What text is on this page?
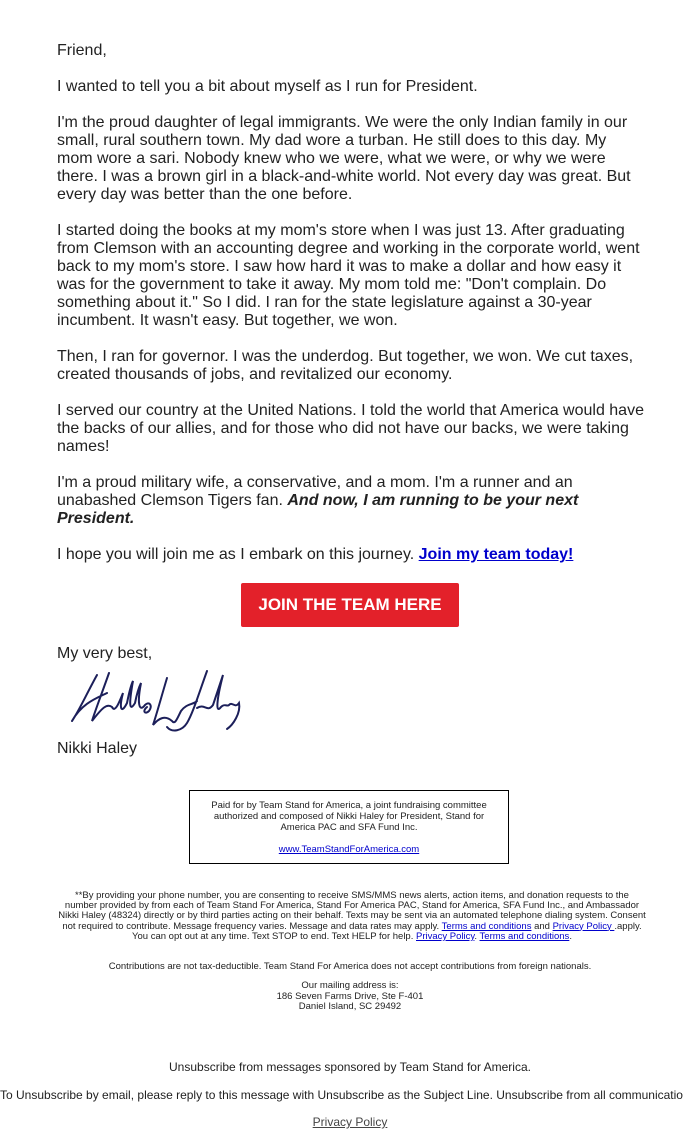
Friend,

I wanted to tell you a bit about myself as I run for President.

I'm the proud daughter of legal immigrants. We were the only Indian family in our small, rural southern town. My dad wore a turban. He still does to this day. My mom wore a sari. Nobody knew who we were, what we were, or why we were there. I was a brown girl in a black-and-white world. Not every day was great. But every day was better than the one before.

I started doing the books at my mom's store when I was just 13. After graduating from Clemson with an accounting degree and working in the corporate world, went back to my mom's store. I saw how hard it was to make a dollar and how easy it was for the government to take it away. My mom told me: "Don't complain. Do something about it." So I did. I ran for the state legislature against a 30-year incumbent. It wasn't easy. But together, we won.

Then, I ran for governor. I was the underdog. But together, we won. We cut taxes, created thousands of jobs, and revitalized our economy.

I served our country at the United Nations. I told the world that America would have the backs of our allies, and for those who did not have our backs, we were taking names!

I'm a proud military wife, a conservative, and a mom. I'm a runner and an unabashed Clemson Tigers fan. And now, I am running to be your next President.

I hope you will join me as I embark on this journey. Join my team today!

JOIN THE TEAM HERE
My very best,
Nikki Haley
Paid for by Team Stand for America, a joint fundraising committee authorized and composed of Nikki Haley for President, Stand for America PAC and SFA Fund Inc.
www.TeamStandForAmerica.com
**By providing your phone number, you are consenting to receive SMS/MMS news alerts, action items, and donation requests to the number provided by from each of Team Stand For America, Stand For America PAC, Stand for America, SFA Fund Inc., and Ambassador Nikki Haley (48324) directly or by third parties acting on their behalf. Texts may be sent via an automated telephone dialing system. Consent not required to contribute. Message frequency varies. Message and data rates may apply. Terms and conditions and Privacy Policy .apply. You can opt out at any time. Text STOP to end. Text HELP for help. Privacy Policy. Terms and conditions.
Contributions are not tax-deductible. Team Stand For America does not accept contributions from foreign nationals.
Our mailing address is:
186 Seven Farms Drive, Ste F-401
Daniel Island, SC 29492
Unsubscribe from messages sponsored by Team Stand for America.
To Unsubscribe by email, please reply to this message with Unsubscribe as the Subject Line. Unsubscribe from all communicatio
Privacy Policy
